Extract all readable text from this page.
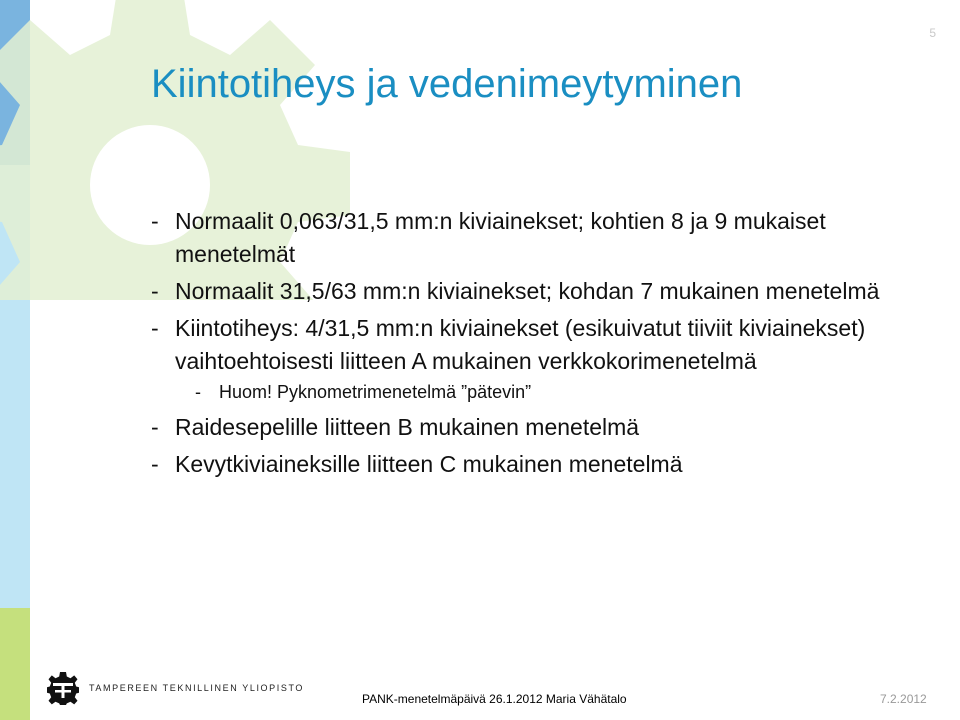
5
Kiintotiheys ja vedenimeytyminen
- Normaalit 0,063/31,5 mm:n kiviainekset; kohtien 8 ja 9 mukaiset menetelmät
- Normaalit 31,5/63 mm:n kiviainekset; kohdan 7 mukainen menetelmä
- Kiintotiheys: 4/31,5 mm:n kiviainekset (esikuivatut tiiviit kiviainekset) vaihtoehtoisesti liitteen A mukainen verkkokorimenetelmä
- Huom! Pyknometrimenetelmä ”pätevin”
- Raidesepelille liitteen B mukainen menetelmä
- Kevytkiviaineksille liitteen C mukainen menetelmä
TAMPEREEN TEKNILLINEN YLIOPISTO
PANK-menetelmäpäivä 26.1.2012 Maria Vähätalo	7.2.2012
